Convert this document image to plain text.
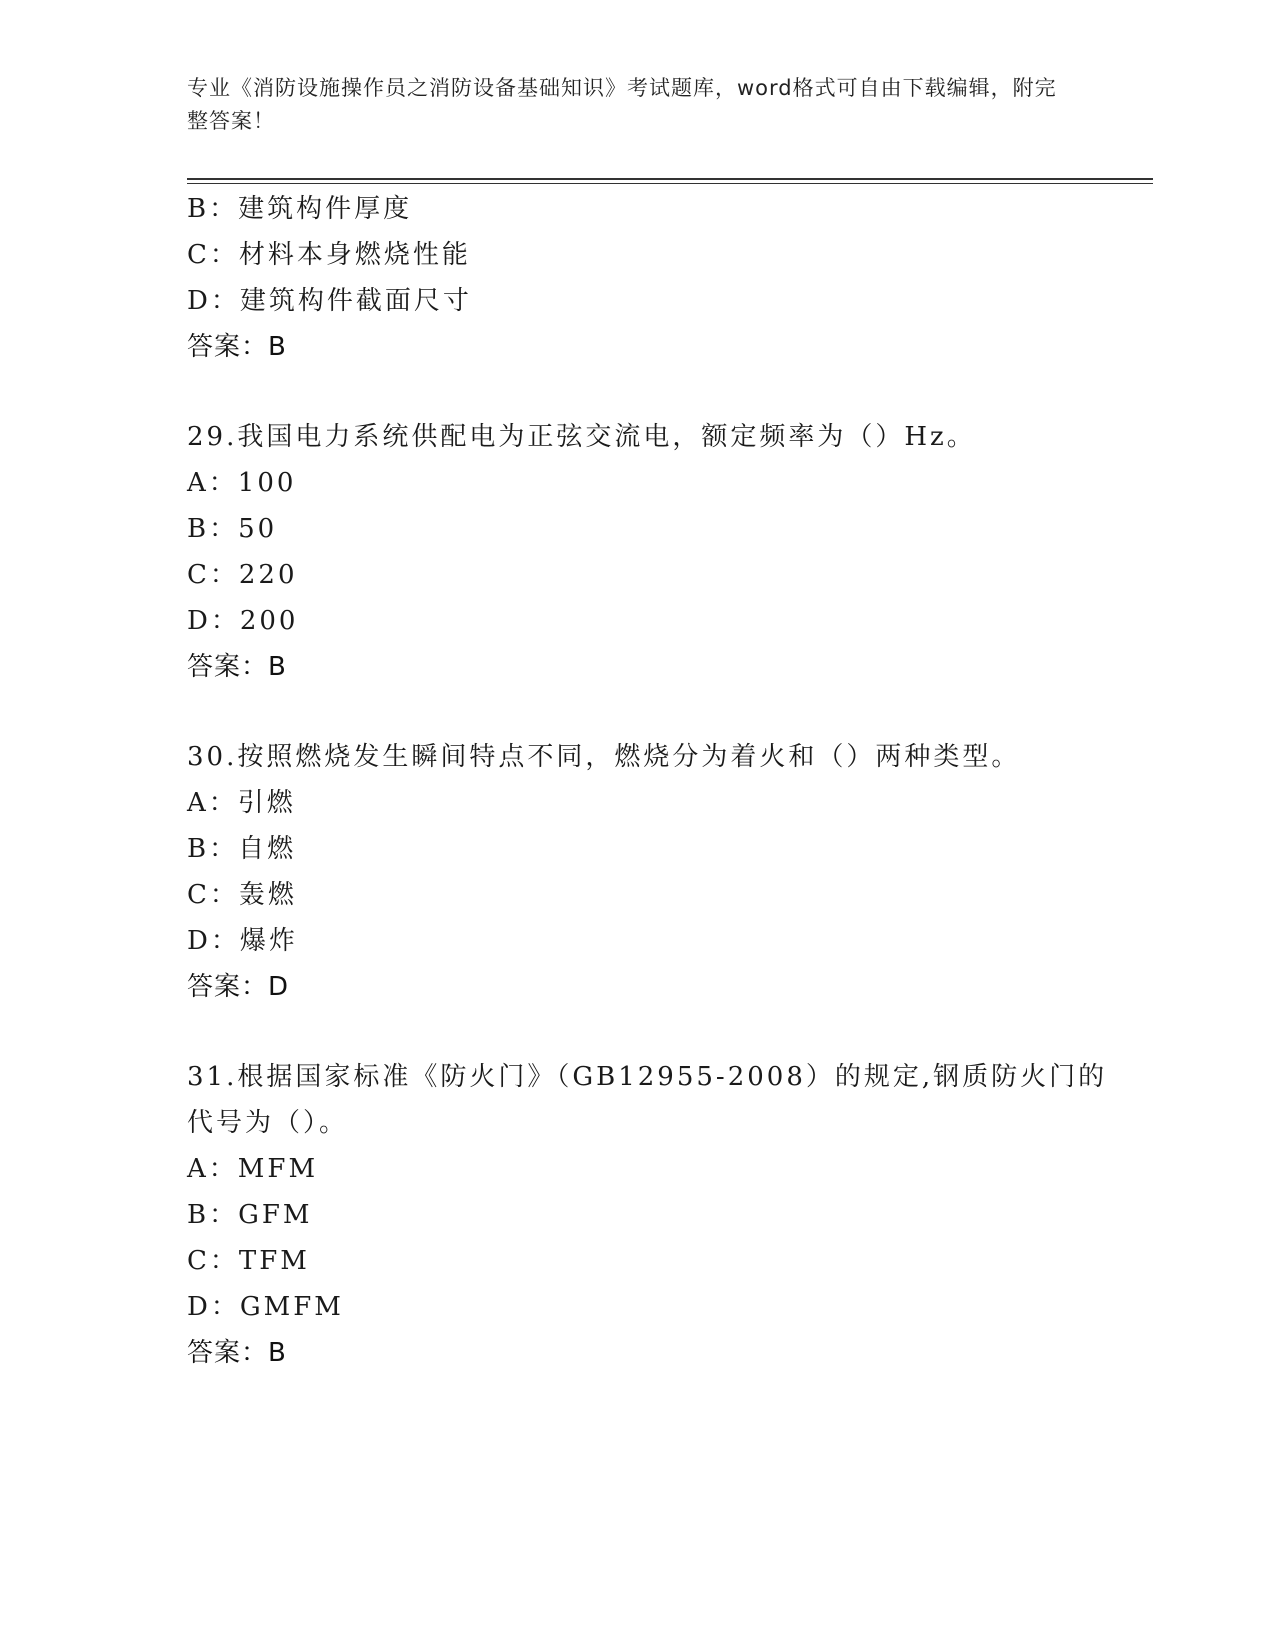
专业《消防设施操作员之消防设备基础知识》考试题库，word格式可自由下载编辑，附完整答案！
B：建筑构件厚度
C：材料本身燃烧性能
D：建筑构件截面尺寸
答案：B
29.我国电力系统供配电为正弦交流电，额定频率为（）Hz。
A：100
B：50
C：220
D：200
答案：B
30.按照燃烧发生瞬间特点不同，燃烧分为着火和（）两种类型。
A：引燃
B：自燃
C：轰燃
D：爆炸
答案：D
31.根据国家标准《防火门》（GB12955-2008）的规定,钢质防火门的
代号为（）。
A：MFM
B：GFM
C：TFM
D：GMFM
答案：B
